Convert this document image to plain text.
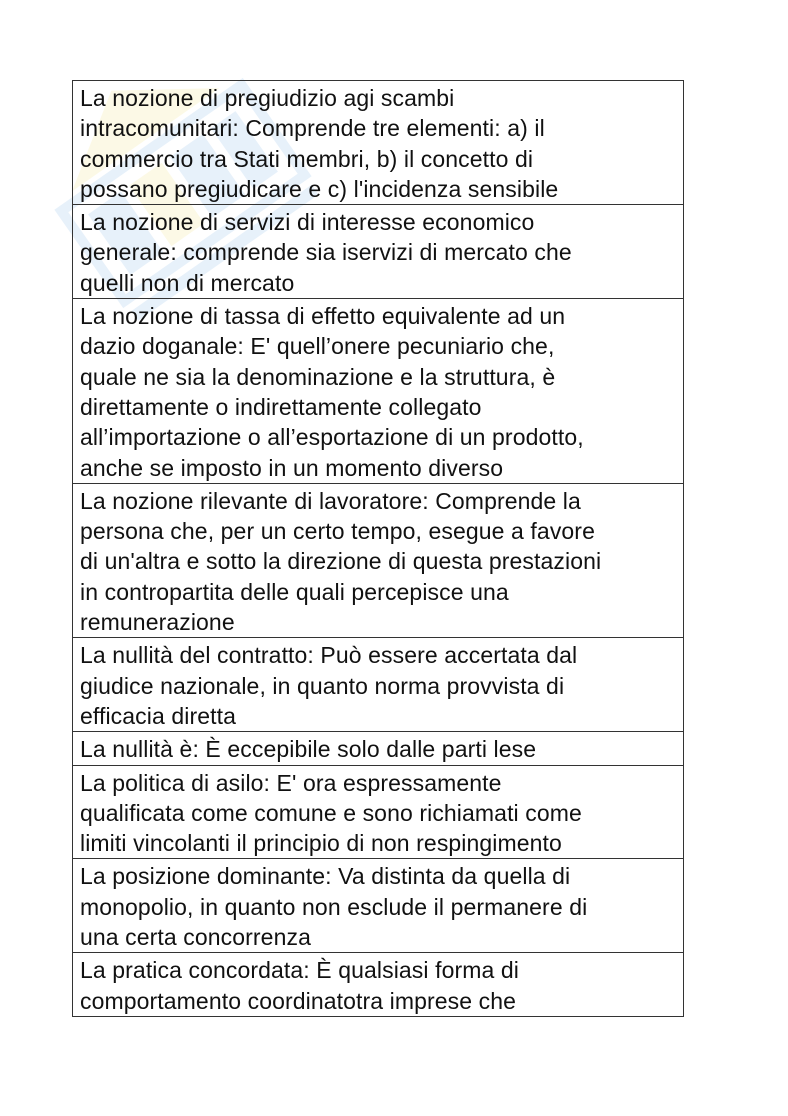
La nozione di pregiudizio agi scambi
intracomunitari: Comprende tre elementi: a) il
commercio tra Stati membri, b) il concetto di
possano pregiudicare e c) l'incidenza sensibile
La nozione di servizi di interesse economico
generale: comprende sia iservizi di mercato che
quelli non di mercato
La nozione di tassa di effetto equivalente ad un
dazio doganale: E' quell’onere pecuniario che,
quale ne sia la denominazione e la struttura, è
direttamente o indirettamente collegato
all’importazione o all’esportazione di un prodotto,
anche se imposto in un momento diverso
La nozione rilevante di lavoratore: Comprende la
persona che, per un certo tempo, esegue a favore
di un'altra e sotto la direzione di questa prestazioni
in contropartita delle quali percepisce una
remunerazione
La nullità del contratto: Può essere accertata dal
giudice nazionale, in quanto norma provvista di
efficacia diretta
La nullità è: È eccepibile solo dalle parti lese
La politica di asilo: E' ora espressamente
qualificata come comune e sono richiamati come
limiti vincolanti il principio di non respingimento
La posizione dominante: Va distinta da quella di
monopolio, in quanto non esclude il permanere di
una certa concorrenza
La pratica concordata: È qualsiasi forma di
comportamento coordinatotra imprese che
